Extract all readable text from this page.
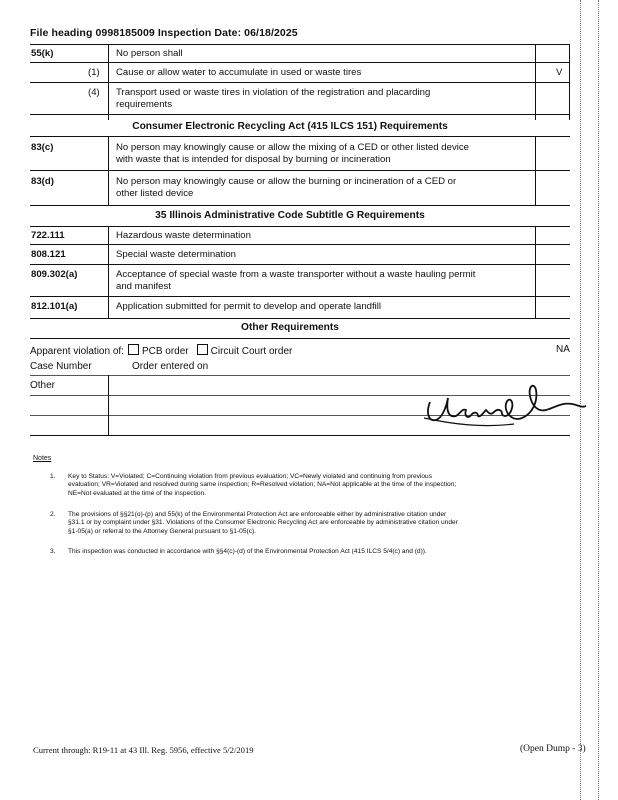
File heading 0998185009 Inspection Date: 06/18/2025
55(k)	No person shall
(1) Cause or allow water to accumulate in used or waste tires	V
(4) Transport used or waste tires in violation of the registration and placarding
requirements
Consumer Electronic Recycling Act (415 ILCS 151) Requirements
83(c)	No person may knowingly cause or allow the mixing of a CED or other listed device
with waste that is intended for disposal by burning or incineration
83(d)	No person may knowingly cause or allow the burning or incineration of a CED or
other listed device
35 Illinois Administrative Code Subtitle G Requirements
722.111	Hazardous waste determination
808.121	Special waste determination
809.302(a)	Acceptance of special waste from a waste transporter without a waste hauling permit
and manifest
812.101(a)	Application submitted for permit to develop and operate landfill
Other Requirements
Apparent violation of: PCB order Circuit Court order	NA
Case Number	Order entered on
Other
Notes
1. Key to Status: V=Violated; C=Continuing violation from previous evaluation; VC=Newly violated and continuing from previous
evaluation; VR=Violated and resolved during same inspection; R=Resolved violation; NA=Not applicable at the time of the inspection;
NE=Not evaluated at the time of the inspection.
2. The provisions of §§21(o)-(p) and 55(k) of the Environmental Protection Act are enforceable either by administrative citation under
§31.1 or by complaint under §31. Violations of the Consumer Electronic Recycling Act are enforceable by administrative citation under
§1-05(a) or referral to the Attorney General pursuant to §1-05(c).
3. This inspection was conducted in accordance with §§4(c)-(d) of the Environmental Protection Act (415 ILCS 5/4(c) and (d)).
Current through: R19-11 at 43 Ill. Reg. 5956, effective 5/2/2019	(Open Dump - 3)
